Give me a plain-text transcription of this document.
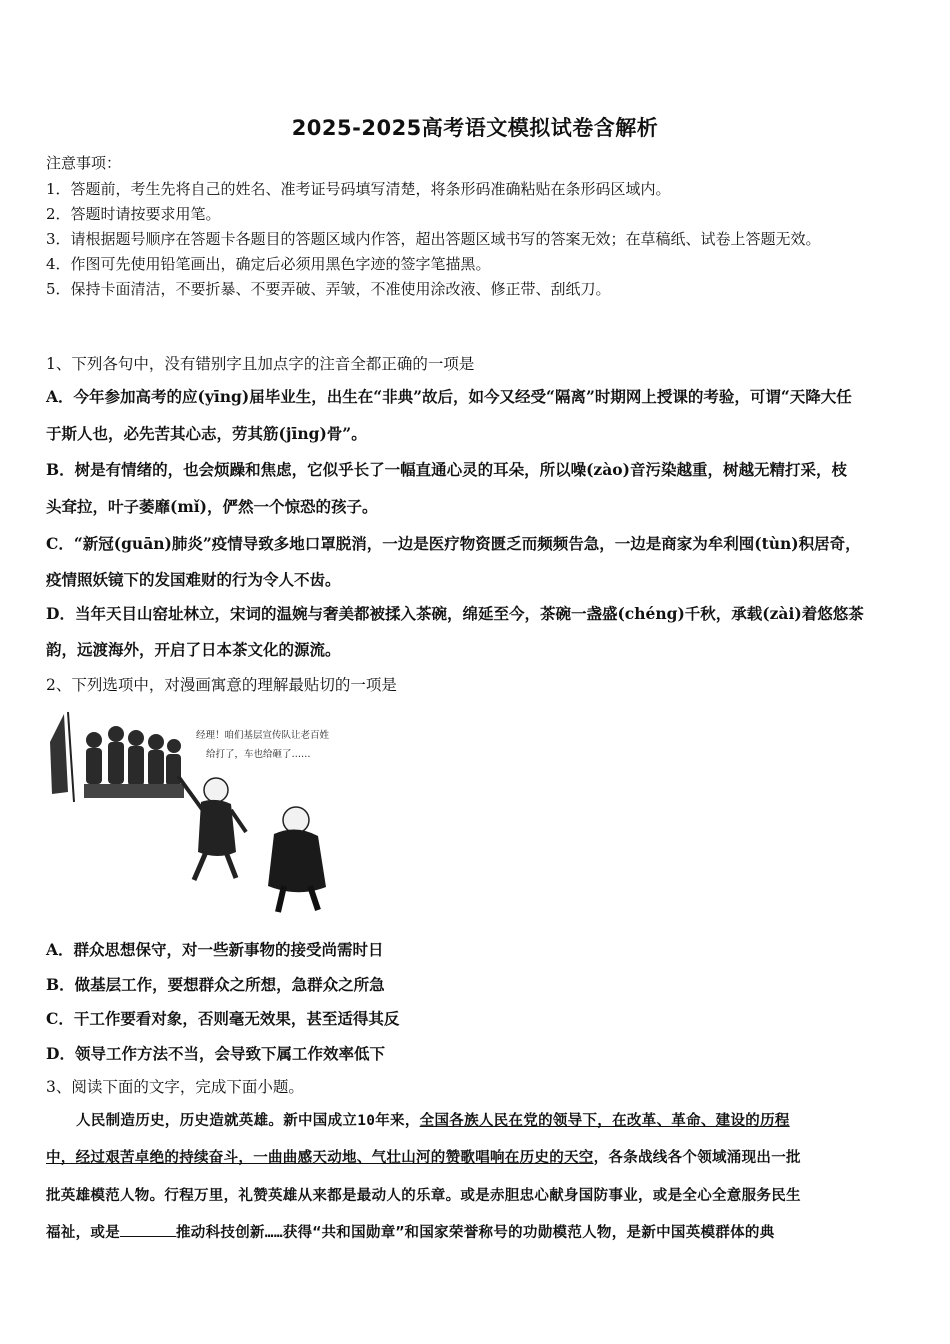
2025-2025高考语文模拟试卷含解析
注意事项：
1．答题前，考生先将自己的姓名、准考证号码填写清楚，将条形码准确粘贴在条形码区域内。
2．答题时请按要求用笔。
3．请根据题号顺序在答题卡各题目的答题区域内作答，超出答题区域书写的答案无效；在草稿纸、试卷上答题无效。
4．作图可先使用铅笔画出，确定后必须用黑色字迹的签字笔描黑。
5．保持卡面清洁，不要折暴、不要弄破、弄皱，不准使用涂改液、修正带、刮纸刀。
1、下列各句中，没有错别字且加点字的注音全都正确的一项是
A．今年参加高考的应(yīng)届毕业生，出生在“非典”故后，如今又经受“隔离”时期网上授课的考验，可谓“天降大任
于斯人也，必先苦其心志，劳其筋(jīng)骨”。
B．树是有情绪的，也会烦躁和焦虑，它似乎长了一幅直通心灵的耳朵，所以噪(zào)音污染越重，树越无精打采，枝
头耷拉，叶子萎靡(mǐ)，俨然一个惊恐的孩子。
C．“新冠(guān)肺炎”疫情导致多地口罩脱消，一边是医疗物资匮乏而频频告急，一边是商家为牟利囤(tùn)积居奇，
疫情照妖镜下的发国难财的行为令人不齿。
D．当年天目山窑址林立，宋词的温婉与奢美都被揉入茶碗，绵延至今，茶碗一盏盛(chéng)千秋，承载(zài)着悠悠茶
韵，远渡海外，开启了日本茶文化的源流。
2、下列选项中，对漫画寓意的理解最贴切的一项是
经理！咱们基层宣传队让老百姓
给打了，车也给砸了……
A．群众思想保守，对一些新事物的接受尚需时日
B．做基层工作，要想群众之所想，急群众之所急
C．干工作要看对象，否则毫无效果，甚至适得其反
D．领导工作方法不当，会导致下属工作效率低下
3、阅读下面的文字，完成下面小题。
人民制造历史，历史造就英雄。新中国成立10年来，全国各族人民在党的领导下，在改革、革命、建设的历程
中，经过艰苦卓绝的持续奋斗，一曲曲感天动地、气壮山河的赞歌唱响在历史的天空，各条战线各个领域涌现出一批
批英雄模范人物。行程万里，礼赞英雄从来都是最动人的乐章。或是赤胆忠心献身国防事业，或是全心全意服务民生
福祉，或是	推动科技创新……获得“共和国勋章”和国家荣誉称号的功勋模范人物，是新中国英模群体的典
